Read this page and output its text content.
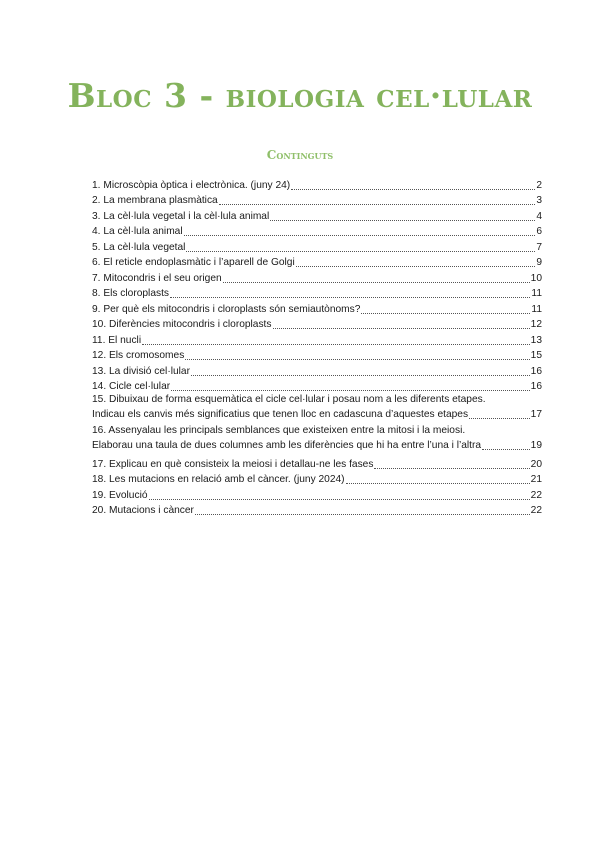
Bloc 3 - biologia cel·lular
Continguts
1. Microscòpia òptica i electrònica. (juny 24)	2
2. La membrana plasmàtica	3
3. La cèl·lula vegetal i la cèl·lula animal	4
4. La cèl·lula animal	6
5. La cèl·lula vegetal	7
6. El reticle endoplasmàtic i l’aparell de Golgi	9
7. Mitocondris i el seu origen	10
8. Els cloroplasts	11
9. Per què els mitocondris i cloroplasts són semiautònoms?	11
10. Diferències mitocondris i cloroplasts	12
11. El nucli	13
12. Els cromosomes	15
13. La divisió cel·lular	16
14. Cicle cel·lular	16
15. Dibuixau de forma esquemàtica el cicle cel·lular i posau nom a les diferents etapes.
Indicau els canvis més significatius que tenen lloc en cadascuna d’aquestes etapes	17
16. Assenyalau les principals semblances que existeixen entre la mitosi i la meiosi.
Elaborau una taula de dues columnes amb les diferències que hi ha entre l’una i l’altra	19
17. Explicau en què consisteix la meiosi i detallau-ne les fases	20
18. Les mutacions en relació amb el càncer. (juny 2024)	21
19. Evolució	22
20. Mutacions i càncer	22
